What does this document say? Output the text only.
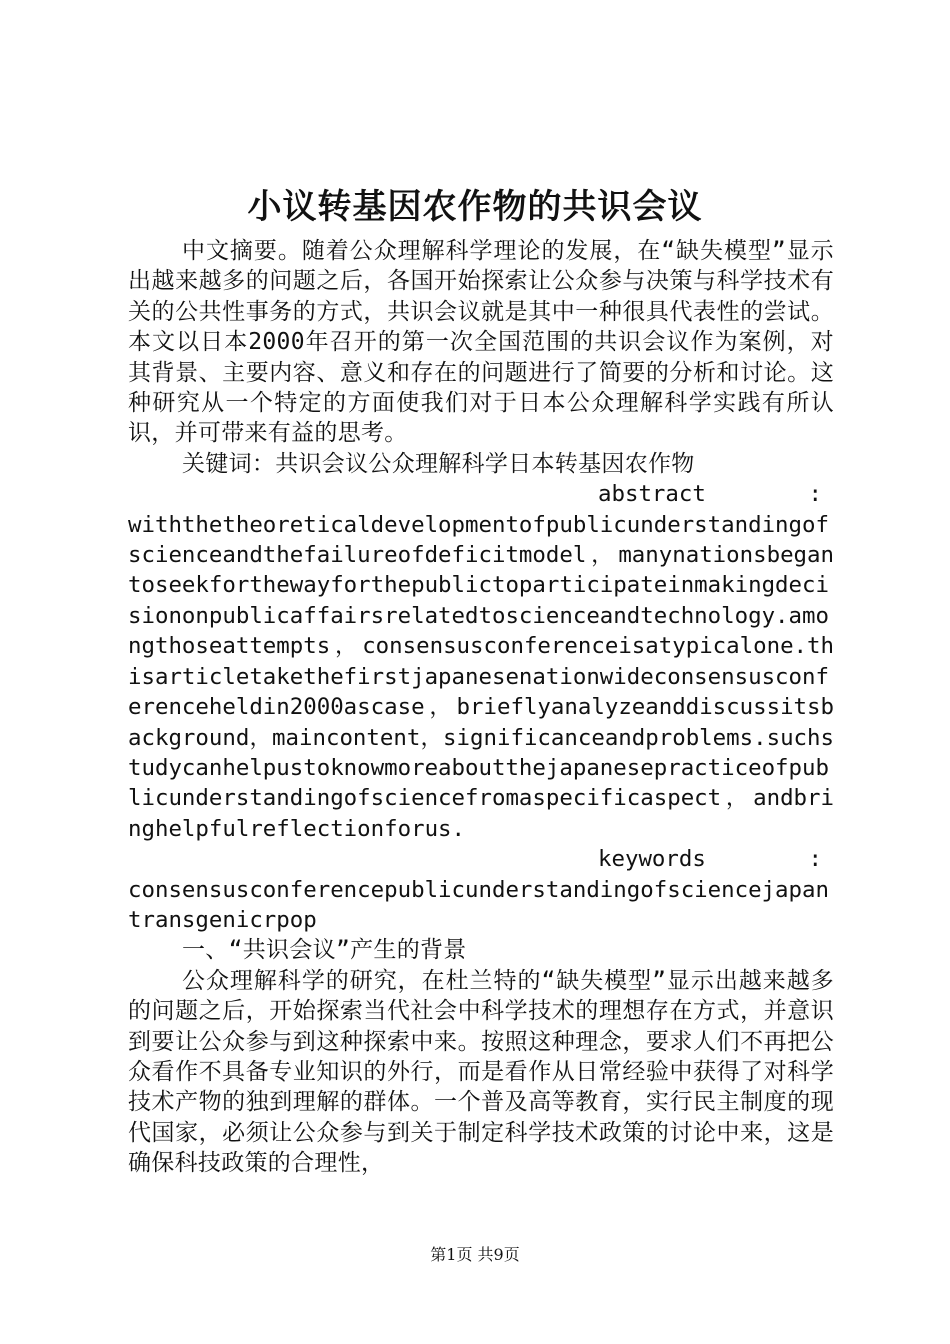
小议转基因农作物的共识会议

中文摘要。随着公众理解科学理论的发展，在“缺失模型”显示出越来越多的问题之后，各国开始探索让公众参与决策与科学技术有关的公共性事务的方式，共识会议就是其中一种很具代表性的尝试。本文以日本2000年召开的第一次全国范围的共识会议作为案例，对其背景、主要内容、意义和存在的问题进行了简要的分析和讨论。这种研究从一个特定的方面使我们对于日本公众理解科学实践有所认识，并可带来有益的思考。

关键词：共识会议公众理解科学日本转基因农作物

abstract	:

withthetheoreticaldevelopmentofpublicunderstandingofscienceandthefailureofdeficitmodel，manynationsbegantoseekforthewayforthepublictoparticipateinmakingdecisiononpublicaffairsrelatedtoscienceandtechnology.amongthoseattempts，consensusconferenceisatypicalone.thisarticletakethefirstjapanesenationwideconsensusconferenceheldin2000ascase，brieflyanalyzeanddiscussitsbackground，maincontent，significanceandproblems.suchstudycanhelpustoknowmoreaboutthejapanesepracticeofpublicunderstandingofsciencefromaspecificaspect，andbringhelpfulreflectionforus.

keywords	:

consensusconferencepublicunderstandingofsciencejapantransgenicrpop

一、“共识会议”产生的背景

公众理解科学的研究，在杜兰特的“缺失模型”显示出越来越多的问题之后，开始探索当代社会中科学技术的理想存在方式，并意识到要让公众参与到这种探索中来。按照这种理念，要求人们不再把公众看作不具备专业知识的外行，而是看作从日常经验中获得了对科学技术产物的独到理解的群体。一个普及高等教育，实行民主制度的现代国家，必须让公众参与到关于制定科学技术政策的讨论中来，这是确保科技政策的合理性，

第1页 共9页
